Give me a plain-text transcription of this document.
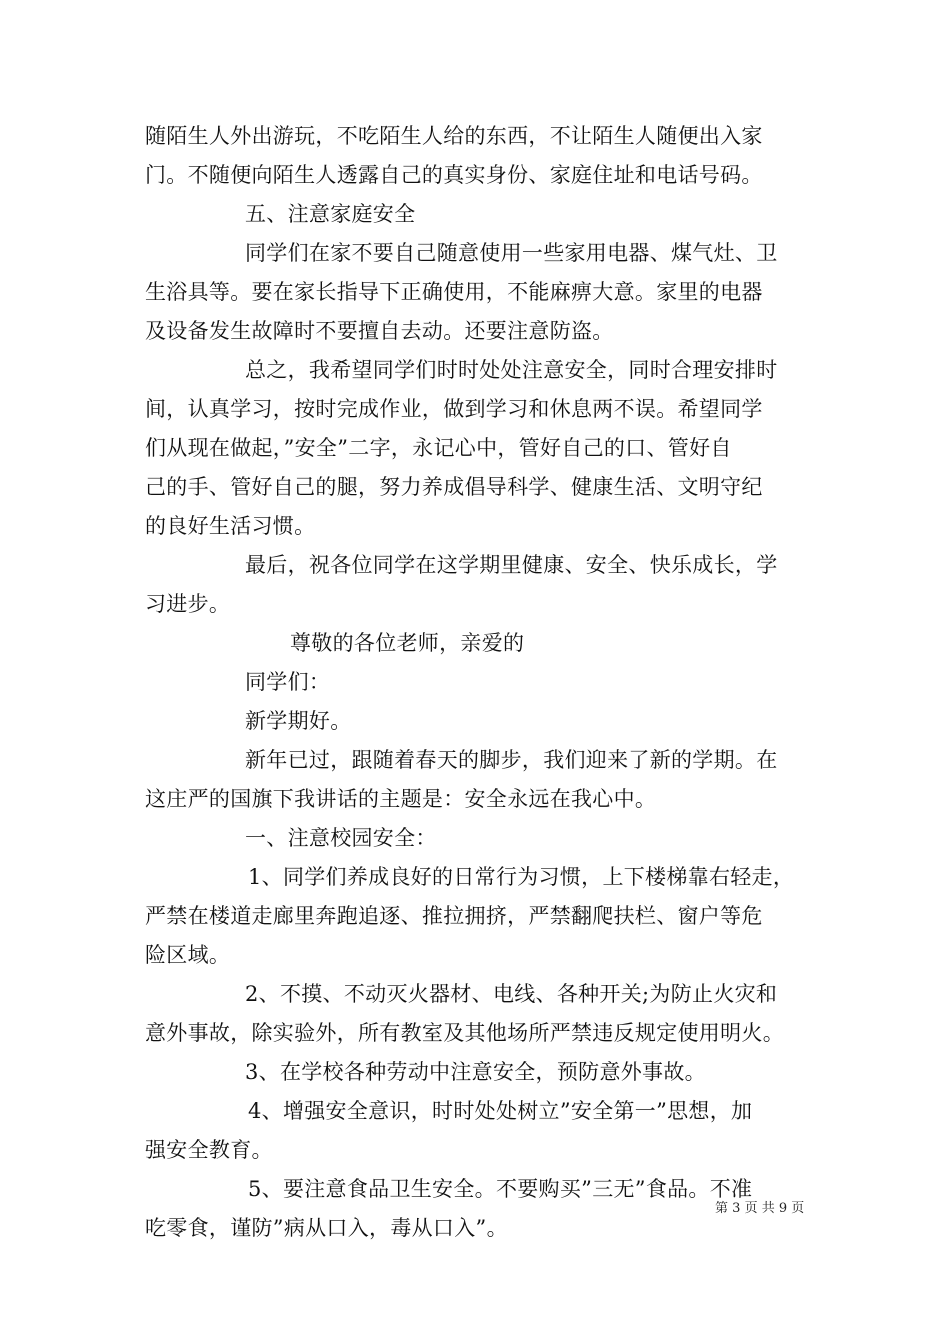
随陌生人外出游玩，不吃陌生人给的东西，不让陌生人随便出入家
门。不随便向陌生人透露自己的真实身份、家庭住址和电话号码。
五、注意家庭安全
同学们在家不要自己随意使用一些家用电器、煤气灶、卫
生浴具等。要在家长指导下正确使用，不能麻痹大意。家里的电器
及设备发生故障时不要擅自去动。还要注意防盗。
总之，我希望同学们时时处处注意安全，同时合理安排时
间，认真学习，按时完成作业，做到学习和休息两不误。希望同学
们从现在做起，”安全”二字，永记心中，管好自己的口、管好自
己的手、管好自己的腿，努力养成倡导科学、健康生活、文明守纪
的良好生活习惯。
最后，祝各位同学在这学期里健康、安全、快乐成长，学
习进步。
尊敬的各位老师，亲爱的
同学们：
新学期好。
新年已过，跟随着春天的脚步，我们迎来了新的学期。在
这庄严的国旗下我讲话的主题是：安全永远在我心中。
一、注意校园安全：
1、同学们养成良好的日常行为习惯，上下楼梯靠右轻走，
严禁在楼道走廊里奔跑追逐、推拉拥挤，严禁翻爬扶栏、窗户等危
险区域。
2、不摸、不动灭火器材、电线、各种开关;为防止火灾和
意外事故，除实验外，所有教室及其他场所严禁违反规定使用明火。
3、在学校各种劳动中注意安全，预防意外事故。
4、增强安全意识，时时处处树立”安全第一”思想，加
强安全教育。
5、要注意食品卫生安全。不要购买”三无”食品。不准
吃零食，谨防”病从口入，毒从口入”。
第 3 页 共 9 页
